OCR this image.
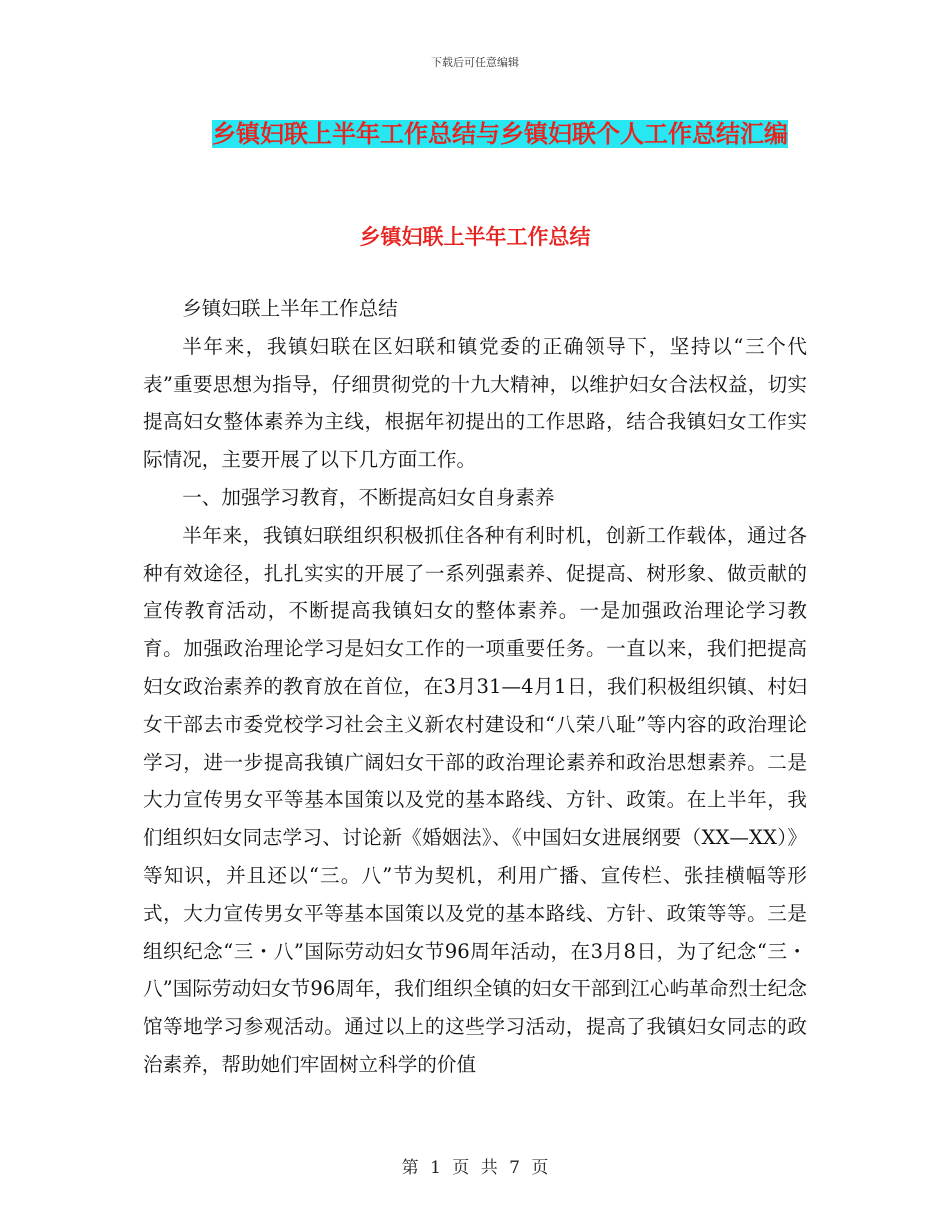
下载后可任意编辑
乡镇妇联上半年工作总结与乡镇妇联个人工作总结汇编
乡镇妇联上半年工作总结

乡镇妇联上半年工作总结

半年来，我镇妇联在区妇联和镇党委的正确领导下，坚持以“三个代表”重要思想为指导，仔细贯彻党的十九大精神，以维护妇女合法权益，切实提高妇女整体素养为主线，根据年初提出的工作思路，结合我镇妇女工作实际情况，主要开展了以下几方面工作。

一、加强学习教育，不断提高妇女自身素养

半年来，我镇妇联组织积极抓住各种有利时机，创新工作载体，通过各种有效途径，扎扎实实的开展了一系列强素养、促提高、树形象、做贡献的宣传教育活动，不断提高我镇妇女的整体素养。一是加强政治理论学习教育。加强政治理论学习是妇女工作的一项重要任务。一直以来，我们把提高妇女政治素养的教育放在首位，在3月31—4月1日，我们积极组织镇、村妇女干部去市委党校学习社会主义新农村建设和“八荣八耻”等内容的政治理论学习，进一步提高我镇广阔妇女干部的政治理论素养和政治思想素养。二是大力宣传男女平等基本国策以及党的基本路线、方针、政策。在上半年，我们组织妇女同志学习、讨论新《婚姻法》、《中国妇女进展纲要（XX—XX）》等知识，并且还以“三。八”节为契机，利用广播、宣传栏、张挂横幅等形式，大力宣传男女平等基本国策以及党的基本路线、方针、政策等等。三是组织纪念“三・八”国际劳动妇女节96周年活动，在3月8日，为了纪念“三・八”国际劳动妇女节96周年，我们组织全镇的妇女干部到江心屿革命烈士纪念馆等地学习参观活动。通过以上的这些学习活动，提高了我镇妇女同志的政治素养，帮助她们牢固树立科学的价值

第 1 页 共 7 页
